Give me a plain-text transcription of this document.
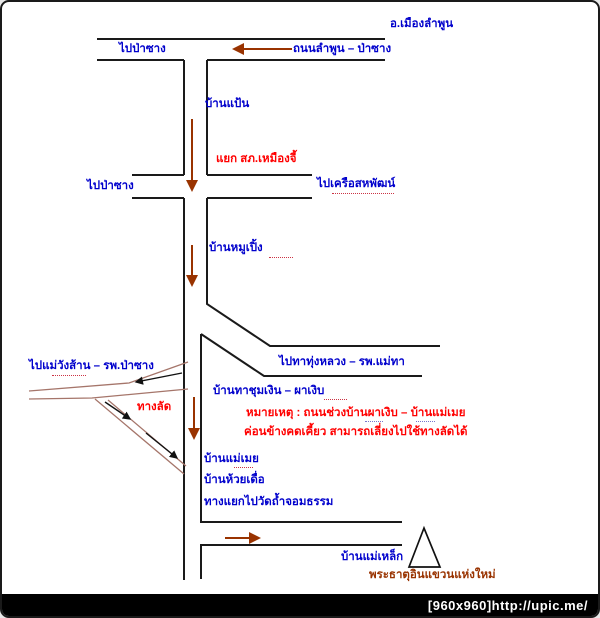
อ.เมืองลำพูน
ไปป่าซาง	ถนนลำพูน – ป่าซาง
บ้านแป้น
แยก สภ.เหมืองจี้
ไปป่าซาง	ไปเครือสหพัฒน์
บ้านหมูเปิ้ง
ไปทาทุ่งหลวง – รพ.แม่ทา
ไปแม่วังส้าน – รพ.ป่าซาง
ทางลัด
บ้านทาชุมเงิน – ผาเงิบ
หมายเหตุ : ถนนช่วงบ้านผาเงิบ – บ้านแม่เมย
ค่อนข้างคดเคี้ยว สามารถเลี่ยงไปใช้ทางลัดได้
บ้านแม่เมย
บ้านห้วยเดื่อ
ทางแยกไปวัดถ้ำจอมธรรม
บ้านแม่เหล็ก
พระธาตุอินแขวนแห่งใหม่
[960x960]http://upic.me/
